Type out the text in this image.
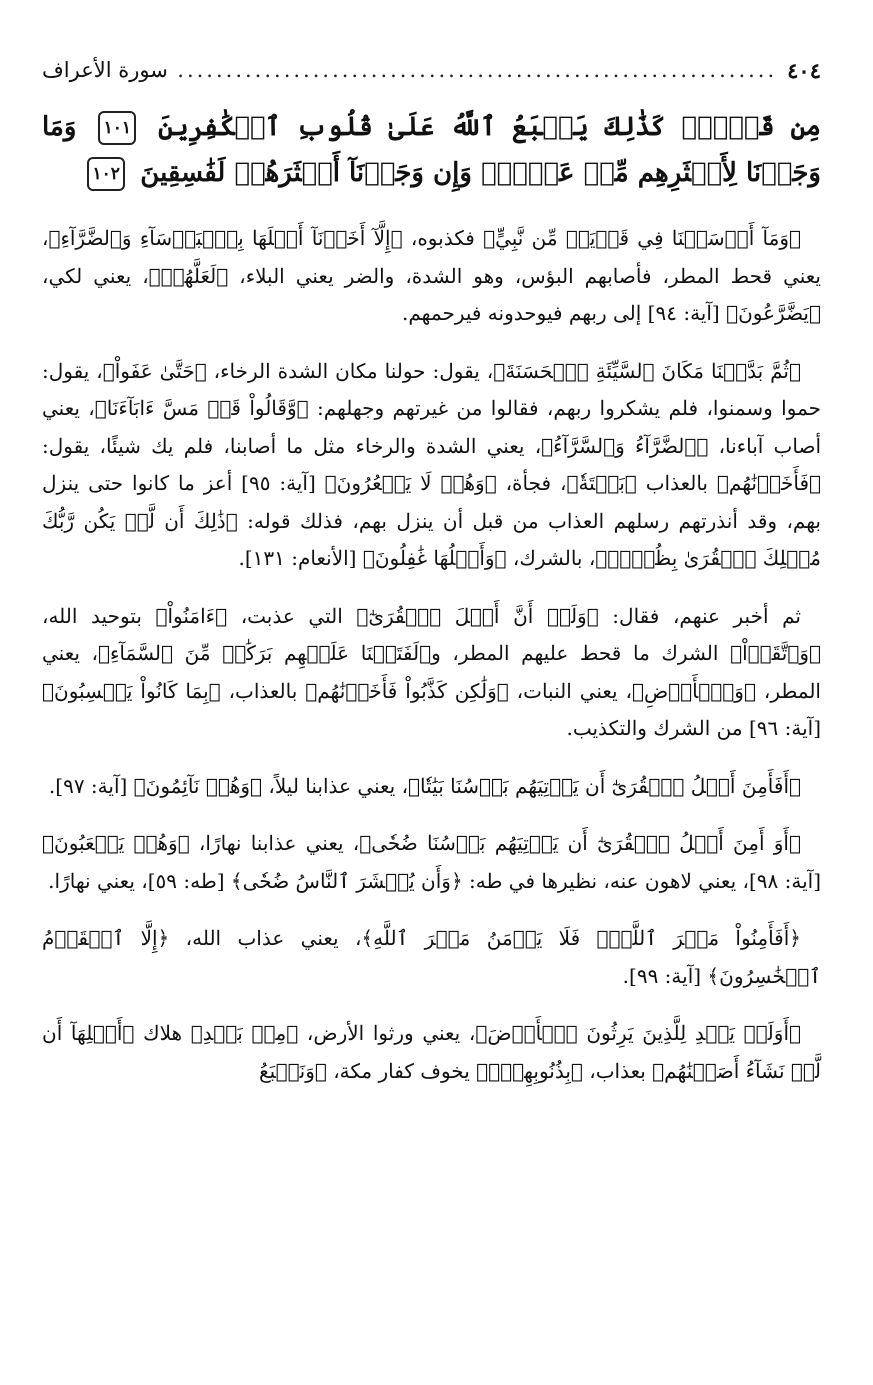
٤٠٤
.....
سورة الأعراف
مِن قَبۡلُۚ كَذَٰلِكَ يَطۡبَعُ ٱللَّهُ عَلَىٰ قُلُوبِ ٱلۡكَٰفِرِينَ ١٠١ وَمَا وَجَدۡنَا لِأَكۡثَرِهِم مِّنۡ عَهۡدٖۖ وَإِن وَجَدۡنَآ أَكۡثَرَهُمۡ لَفَٰسِقِينَ ١٠٢

﴿وَمَآ أَرۡسَلۡنَا فِي قَرۡيَةٖ مِّن نَّبِيٍّ﴾ فكذبوه، ﴿إِلَّآ أَخَذۡنَآ أَهۡلَهَا بِٱلۡبَأۡسَآءِ وَٱلضَّرَّآءِ﴾، يعني قحط المطر، فأصابهم البؤس، وهو الشدة، والضر يعني البلاء، ﴿لَعَلَّهُمۡ﴾، يعني لكي، ﴿يَضَّرَّعُونَ﴾ [آية: ٩٤] إلى ربهم فيوحدونه فيرحمهم.

﴿ثُمَّ بَدَّلۡنَا مَكَانَ ٱلسَّيِّئَةِ ٱلۡحَسَنَةَ﴾، يقول: حولنا مكان الشدة الرخاء، ﴿حَتَّىٰ عَفَواْ﴾، يقول: حموا وسمنوا، فلم يشكروا ربهم، فقالوا من غيرتهم وجهلهم: ﴿وَّقَالُواْ قَدۡ مَسَّ ءَابَآءَنَا﴾، يعني أصاب آباءنا، ﴿ٱلضَّرَّآءُ وَٱلسَّرَّآءُ﴾، يعني الشدة والرخاء مثل ما أصابنا، فلم يك شيئًا، يقول: ﴿فَأَخَذۡنَٰهُم﴾ بالعذاب ﴿بَغۡتَةٗ﴾، فجأة، ﴿وَهُمۡ لَا يَشۡعُرُونَ﴾ [آية: ٩٥] أعز ما كانوا حتى ينزل بهم، وقد أنذرتهم رسلهم العذاب من قبل أن ينزل بهم، فذلك قوله: ﴿ذَٰلِكَ أَن لَّمۡ يَكُن رَّبُّكَ مُهۡلِكَ ٱلۡقُرَىٰ بِظُلۡمٖ﴾، بالشرك، ﴿وَأَهۡلُهَا غَٰفِلُونَ﴾ [الأنعام: ١٣١].

ثم أخبر عنهم، فقال: ﴿وَلَوۡ أَنَّ أَهۡلَ ٱلۡقُرَىٰٓ﴾ التي عذبت، ﴿ءَامَنُواْ﴾ بتوحيد الله، ﴿وَٱتَّقَوۡاْ﴾ الشرك ما قحط عليهم المطر، و﴿لَفَتَحۡنَا عَلَيۡهِم بَرَكَٰتٖ مِّنَ ٱلسَّمَآءِ﴾، يعني المطر، ﴿وَٱلۡأَرۡضِ﴾، يعني النبات، ﴿وَلَٰكِن كَذَّبُواْ فَأَخَذۡنَٰهُم﴾ بالعذاب، ﴿بِمَا كَانُواْ يَكۡسِبُونَ﴾ [آية: ٩٦] من الشرك والتكذيب.

﴿أَفَأَمِنَ أَهۡلُ ٱلۡقُرَىٰٓ أَن يَأۡتِيَهُم بَأۡسُنَا بَيَٰتٗا﴾، يعني عذابنا ليلاً، ﴿وَهُمۡ نَآئِمُونَ﴾ [آية: ٩٧].

﴿أَوَ أَمِنَ أَهۡلُ ٱلۡقُرَىٰٓ أَن يَأۡتِيَهُم بَأۡسُنَا ضُحٗى﴾، يعني عذابنا نهارًا، ﴿وَهُمۡ يَلۡعَبُونَ﴾ [آية: ٩٨]، يعني لاهون عنه، نظيرها في طه: ﴿وَأَن يُحۡشَرَ ٱلنَّاسُ ضُحٗى﴾ [طه: ٥٩]، يعني نهارًا.

﴿أَفَأَمِنُواْ مَكۡرَ ٱللَّهِۚ فَلَا يَأۡمَنُ مَكۡرَ ٱللَّهِ﴾، يعني عذاب الله، ﴿إِلَّا ٱلۡقَوۡمُ ٱلۡخَٰسِرُونَ﴾ [آية: ٩٩].

﴿أَوَلَمۡ يَهۡدِ لِلَّذِينَ يَرِثُونَ ٱلۡأَرۡضَ﴾، يعني ورثوا الأرض، ﴿مِنۢ بَعۡدِ﴾ هلاك ﴿أَهۡلِهَآ أَن لَّوۡ نَشَآءُ أَصَبۡنَٰهُم﴾ بعذاب، ﴿بِذُنُوبِهِمۡۚ﴾ يخوف كفار مكة، ﴿وَنَطۡبَعُ
